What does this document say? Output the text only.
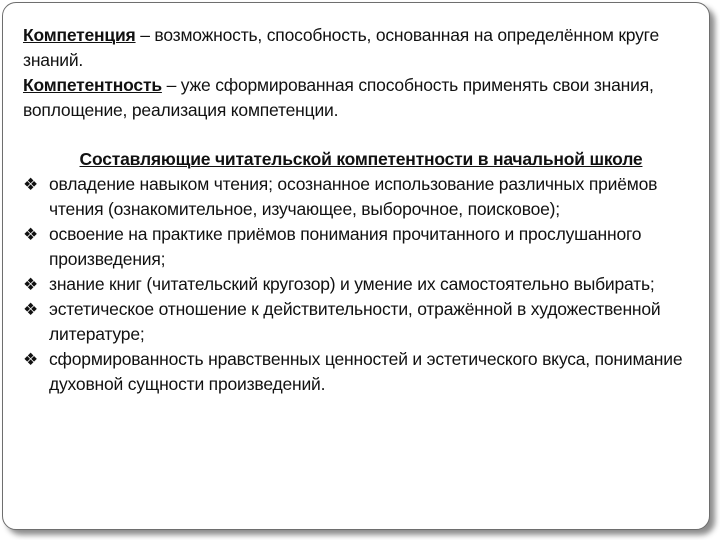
Компетенция – возможность, способность, основанная на определённом круге знаний.

Компетентность – уже сформированная способность применять свои знания, воплощение, реализация компетенции.

Составляющие читательской компетентности в начальной школе
❖ овладение навыком чтения; осознанное использование различных приёмов чтения (ознакомительное, изучающее, выборочное, поисковое);
❖ освоение на практике приёмов понимания прочитанного и прослушанного произведения;
❖ знание книг (читательский кругозор) и умение их самостоятельно выбирать;
❖ эстетическое отношение к действительности, отражённой в художественной литературе;
❖ сформированность нравственных ценностей и эстетического вкуса, понимание духовной сущности произведений.
